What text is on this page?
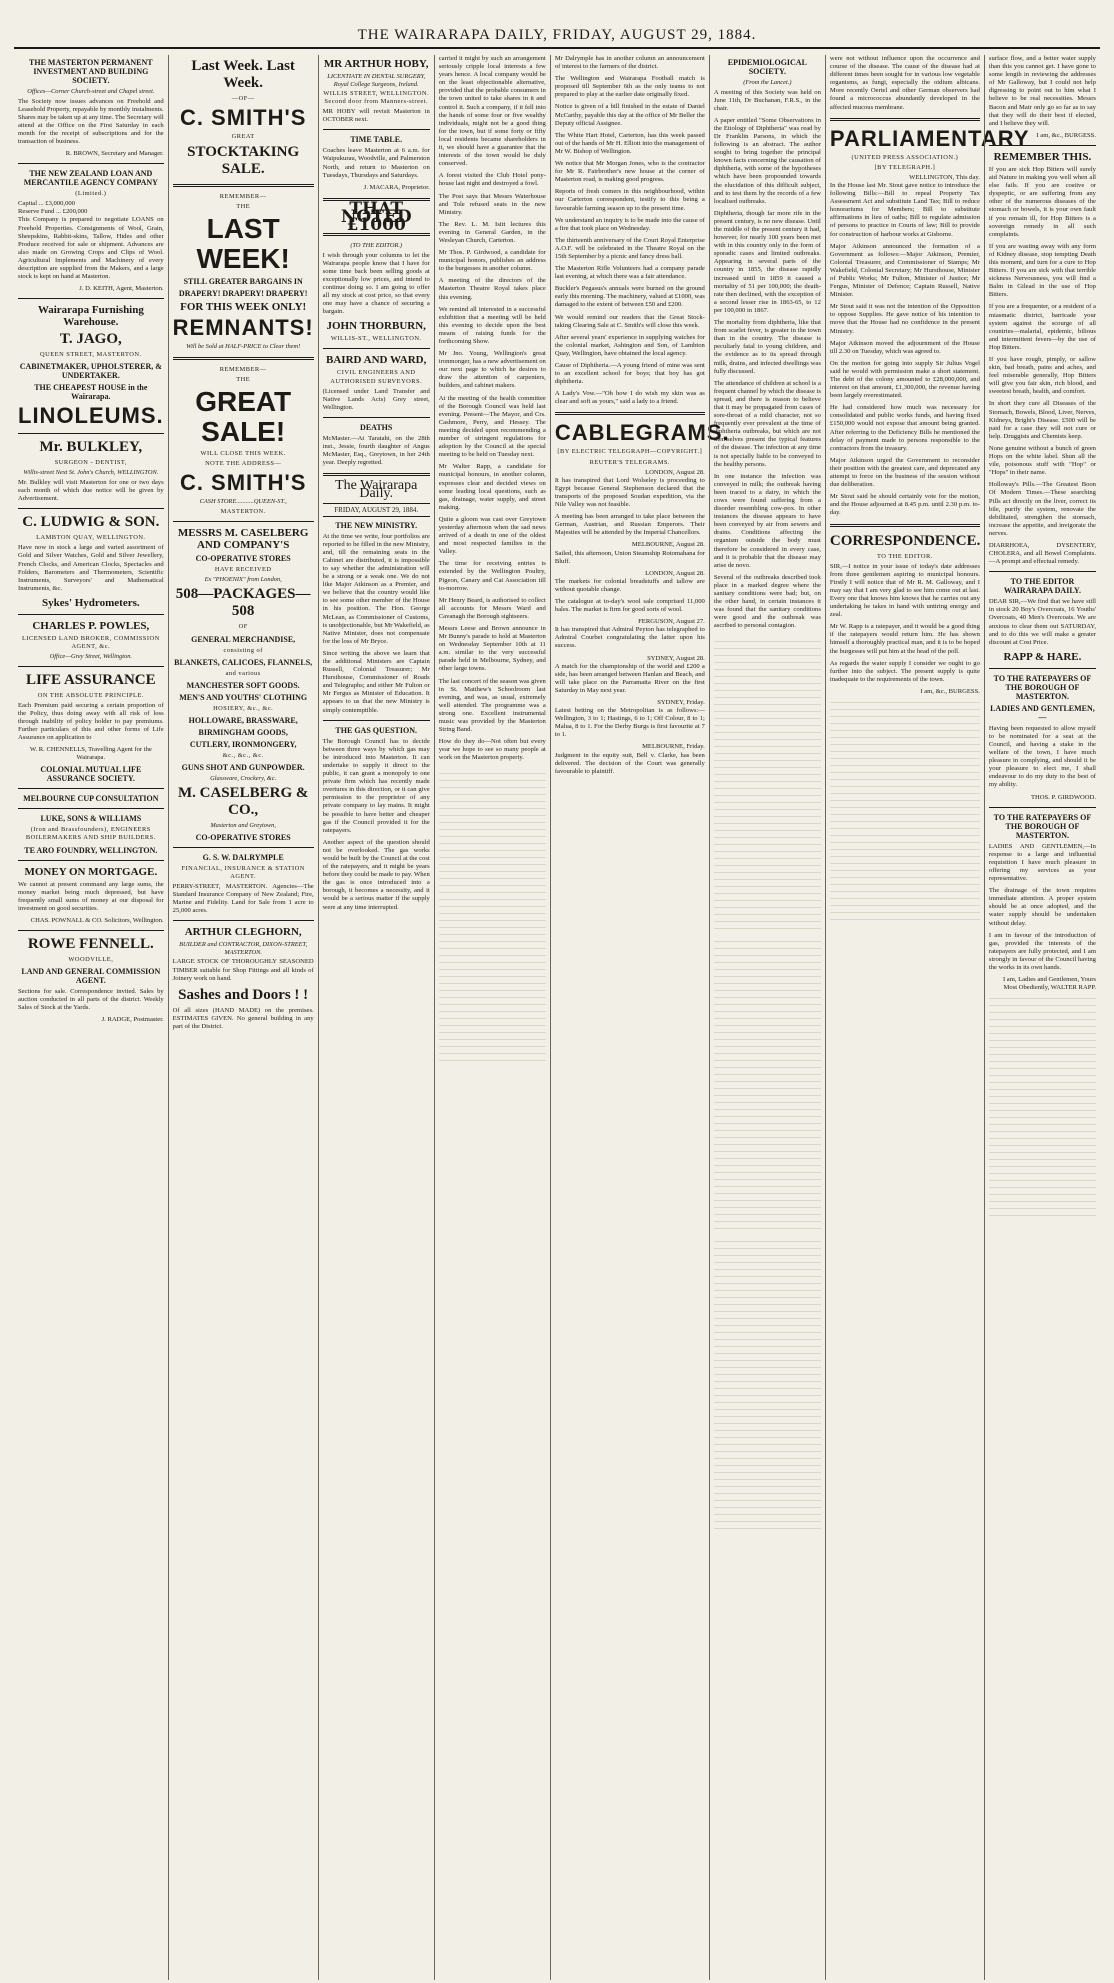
THE WAIRARAPA DAILY, FRIDAY, AUGUST 29, 1884.
THE MASTERTON PERMANENT INVESTMENT AND BUILDING SOCIETY.
Offices—Corner Church-street and Chapel street.

The Society now issues advances on Freehold and Leasehold Property, repayable by monthly instalments. Shares may be taken up at any time. The Secretary will attend at the Office on the First Saturday in each month for the receipt of subscriptions and for the transaction of business.

R. BROWN, Secretary and Manager.
THE NEW ZEALAND LOAN AND MERCANTILE AGENCY COMPANY
(Limited.)
Capital ... £3,000,000
Reserve Fund ... £200,000

This Company is prepared to negotiate LOANS on Freehold Properties. Consignments of Wool, Grain, Sheepskins, Rabbit-skins, Tallow, Hides and other Produce received for sale or shipment. Advances are also made on Growing Crops and Clips of Wool. Agricultural Implements and Machinery of every description are supplied from the Makers, and a large stock is kept on hand at Masterton.

J. D. KEITH, Agent, Masterton.
Wairarapa Furnishing Warehouse.
T. JAGO,
QUEEN STREET, MASTERTON.
CABINETMAKER, UPHOLSTERER, & UNDERTAKER.
THE CHEAPEST HOUSE in the Wairarapa.
LINOLEUMS.
Mr. BULKLEY,
SURGEON - DENTIST,
Willis-street Next St. John's Church, WELLINGTON.

Mr. Bulkley will visit Masterton for one or two days each month of which due notice will be given by Advertisement.

C. LUDWIG & SON.
LAMBTON QUAY, WELLINGTON.

Have now in stock a large and varied assortment of Gold and Silver Watches, Gold and Silver Jewellery, French Clocks, and American Clocks, Spectacles and Folders, Barometers and Thermometers, Scientific Instruments, Surveyors' and Mathematical Instruments, &c.

Sykes' Hydrometers.
CHARLES P. POWLES,
LICENSED LAND BROKER, COMMISSION AGENT, &c.
Office—Grey Street, Wellington.
LIFE ASSURANCE
ON THE ABSOLUTE PRINCIPLE.

Each Premium paid securing a certain proportion of the Policy, thus doing away with all risk of loss through inability of policy holder to pay premiums. Further particulars of this and other forms of Life Assurance on application to

W. R. CHENNELLS, Travelling Agent for the Wairarapa.
COLONIAL MUTUAL LIFE ASSURANCE SOCIETY.
MELBOURNE CUP CONSULTATION
LUKE, SONS & WILLIAMS
(Iron and Brassfounders), ENGINEERS BOILERMAKERS AND SHIP BUILDERS.
TE ARO FOUNDRY, WELLINGTON.
MONEY ON MORTGAGE.

We cannot at present command any large sums, the money market being much depressed, but have frequently small sums of money at our disposal for investment on good securities.

CHAS. POWNALL & CO. Solicitors, Wellington.
ROWE FENNELL.
WOODVILLE,
LAND AND GENERAL COMMISSION AGENT.

Sections for sale. Correspondence invited. Sales by auction conducted in all parts of the district. Weekly Sales of Stock at the Yards.

J. RADGE, Postmaster.
Last Week. Last Week.
—OF—
C. SMITH'S
GREAT
STOCKTAKING SALE.
REMEMBER—
THE
LAST WEEK!
STILL GREATER BARGAINS IN
DRAPERY! DRAPERY! DRAPERY!
FOR THIS WEEK ONLY!
REMNANTS!
Will be Sold at HALF-PRICE to Clear them!
REMEMBER—
THE
GREAT SALE!
WILL CLOSE THIS WEEK.
NOTE THE ADDRESS—
C. SMITH'S
CASH STORE...........QUEEN-ST.,
MASTERTON.
MESSRS M. CASELBERG AND COMPANY'S
CO-OPERATIVE STORES
HAVE RECEIVED
Ex "PHOENIX" from London,
508—PACKAGES—508
OF
GENERAL MERCHANDISE,
consisting of
BLANKETS, CALICOES, FLANNELS,
and various
MANCHESTER SOFT GOODS.
MEN'S AND YOUTHS' CLOTHING
HOSIERY, &c., &c.
HOLLOWARE, BRASSWARE,
BIRMINGHAM GOODS,
CUTLERY, IRONMONGERY,
&c., &c., &c.
GUNS SHOT AND GUNPOWDER.
Glassware, Crockery, &c.
M. CASELBERG & CO.,
Masterton and Greytown,
CO-OPERATIVE STORES
G. S. W. DALRYMPLE
FINANCIAL, INSURANCE & STATION AGENT.

PERRY-STREET, MASTERTON. Agencies—The Standard Insurance Company of New Zealand; Fire, Marine and Fidelity. Land for Sale from 1 acre to 25,000 acres.

ARTHUR CLEGHORN,
BUILDER and CONTRACTOR, DIXON-STREET, MASTERTON.

LARGE STOCK OF THOROUGHLY SEASONED TIMBER suitable for Shop Fittings and all kinds of Joinery work on hand.

Sashes and Doors ! !

Of all sizes (HAND MADE) on the premises. ESTIMATES GIVEN. No general building in any part of the District.

MR ARTHUR HOBY,
LICENTIATE IN DENTAL SURGERY, Royal College Surgeons, Ireland.
WILLIS STREET, WELLINGTON. Second door from Manners-street.

MR HOBY will revisit Masterton in OCTOBER next.

TIME TABLE.

Coaches leave Masterton at 6 a.m. for Waipukurau, Woodville, and Palmerston North, and return to Masterton on Tuesdays, Thursdays and Saturdays.

J. MACARA, Proprietor.
THAT NOTED £1000
(TO THE EDITOR.)

I wish through your columns to let the Wairarapa people know that I have for some time back been selling goods at exceptionally low prices, and intend to continue doing so. I am going to offer all my stock at cost price, so that every one may have a chance of securing a bargain.

JOHN THORBURN,
WILLIS-ST., WELLINGTON.
BAIRD AND WARD,
CIVIL ENGINEERS AND AUTHORISED SURVEYORS.

(Licensed under Land Transfer and Native Lands Acts) Grey street, Wellington.

DEATHS

McMaster.—At Taratahi, on the 28th inst., Jessie, fourth daughter of Angus McMaster, Esq., Greytown, in her 24th year. Deeply regretted.

The Wairarapa Daily.
FRIDAY, AUGUST 29, 1884.
THE NEW MINISTRY.

At the time we write, four portfolios are reported to be filled in the new Ministry, and, till the remaining seats in the Cabinet are distributed, it is impossible to say whether the administration will be a strong or a weak one. We do not like Major Atkinson as a Premier, and we believe that the country would like to see some other member of the House in his position. The Hon. George McLean, as Commissioner of Customs, is unobjectionable, but Mr Wakefield, as Native Minister, does not compensate for the loss of Mr Bryce.

Since writing the above we learn that the additional Ministers are Captain Russell, Colonial Treasurer; Mr Hursthouse, Commissioner of Roads and Telegraphs; and either Mr Fulton or Mr Fergus as Minister of Education. It appears to us that the new Ministry is simply contemptible.

THE GAS QUESTION.

The Borough Council has to decide between three ways by which gas may be introduced into Masterton. It can undertake to supply it direct to the public, it can grant a monopoly to one private firm which has recently made overtures in this direction, or it can give permission to the proprietor of any private company to lay mains. It might be possible to have better and cheaper gas if the Council provided it for the ratepayers.

Another aspect of the question should not be overlooked. The gas works would be built by the Council at the cost of the ratepayers, and it might be years before they could be made to pay. When the gas is once introduced into a borough, it becomes a necessity, and it would be a serious matter if the supply were at any time interrupted.

carried it might by such an arrangement seriously cripple local interests a few years hence. A local company would be on the least objectionable alternative, provided that the probable consumers in the town united to take shares in it and control it. Such a company, if it fell into the hands of some four or five wealthy individuals, might not be a good thing for the town, but if some forty or fifty local residents became shareholders in it, we should have a guarantee that the interests of the town would be duly conserved.

A forest visited the Club Hotel pony-house last night and destroyed a fowl.

The Post says that Messrs Waterhouse and Tole refused seats in the new Ministry.

The Rev. L. M. Isitt lectures this evening in General Garden, in the Wesleyan Church, Carterton.

Mr Thos. P. Girdwood, a candidate for municipal honors, publishes an address to the burgesses in another column.

A meeting of the directors of the Masterton Theatre Royal takes place this evening.

We remind all interested in a successful exhibition that a meeting will be held this evening to decide upon the best means of raising funds for the forthcoming Show.

Mr Jno. Young, Wellington's great ironmonger, has a new advertisement on our next page to which he desires to draw the attention of carpenters, builders, and cabinet makers.

At the meeting of the health committee of the Borough Council was held last evening. Present—The Mayor, and Crs. Cashmore, Perry, and Hessey. The meeting decided upon recommending a number of stringent regulations for adoption by the Council at the special meeting to be held on Tuesday next.

Mr Walter Rapp, a candidate for municipal honours, in another column, expresses clear and decided views on some leading local questions, such as gas, drainage, water supply, and street making.

Quite a gloom was cast over Greytown yesterday afternoon when the sad news arrived of a death in one of the oldest and most respected families in the Valley.

The time for receiving entries is extended by the Wellington Poultry, Pigeon, Canary and Cat Association till to-morrow.

Mr Henry Beard, is authorised to collect all accounts for Messrs Ward and Cavanagh the Borough sightseers.

Messrs Leese and Brown announce in Mr Bunny's parade to hold at Masterton on Wednesday September 10th at 11 a.m. similar to the very successful parade held in Melbourne, Sydney, and other large towns.

The last concert of the season was given in St. Matthew's Schoolroom last evening, and was, as usual, extremely well attended. The programme was a strong one. Excellent instrumental music was provided by the Masterton String Band.

How do they do—Not often but every year we hope to see so many people at work on the Masterton property.

Mr Dalrymple has in another column an announcement of interest to the farmers of the district.

The Wellington and Wairarapa Football match is proposed till September 6th as the only teams to not prepared to play at the earlier date originally fixed.

Notice is given of a bill finished in the estate of Daniel McCarthy, payable this day at the office of Mr Beller the Deputy official Assignee.

The White Hart Hotel, Carterton, has this week passed out of the hands of Mr H. Elliott into the management of Mr W. Bishop of Wellington.

We notice that Mr Morgan Jones, who is the contractor for Mr R. Fairbrother's new house at the corner of Masterton road, is making good progress.

Reports of fresh comers in this neighbourhood, within our Carterton correspondent, testify to this being a favourable farming season up to the present time.

We understand an inquiry is to be made into the cause of a fire that took place on Wednesday.

The thirteenth anniversary of the Court Royal Enterprise A.O.F. will be celebrated in the Theatre Royal on the 15th September by a picnic and fancy dress ball.

The Masterton Rifle Volunteers had a company parade last evening, at which there was a fair attendance.

Buckler's Pegasus's annuals were burned on the ground early this morning. The machinery, valued at £1000, was damaged to the extent of between £50 and £200.

We would remind our readers that the Great Stock-taking Clearing Sale at C. Smith's will close this week.

After several years' experience in supplying watches for the colonial market, Ashington and Son, of Lambton Quay, Wellington, have obtained the local agency.

Cause of Diphtheria.—A young friend of mine was sent to an excellent school for boys; that boy has got diphtheria.

A Lady's Vow.—"Oh how I do wish my skin was as clear and soft as yours," said a lady to a friend.

CABLEGRAMS.
[BY ELECTRIC TELEGRAPH—COPYRIGHT.]
REUTER'S TELEGRAMS.
LONDON, August 28.

It has transpired that Lord Wolseley is proceeding to Egypt because General Stephenson declared that the transports of the proposed Soudan expedition, via the Nile Valley was not feasible.

A meeting has been arranged to take place between the German, Austrian, and Russian Emperors. Their Majesties will be attended by the Imperial Chancellors.

MELBOURNE, August 28.

Sailed, this afternoon, Union Steamship Rotomahana for Bluff.

LONDON, August 28.

The markets for colonial breadstuffs and tallow are without quotable change.

The catalogue at to-day's wool sale comprised 11,000 bales. The market is firm for good sorts of wool.

FERGUSON, August 27.

It has transpired that Admiral Peyton has telegraphed to Admiral Courbet congratulating the latter upon his success.

SYDNEY, August 28.

A match for the championship of the world and £200 a side, has been arranged between Hanlan and Beach, and will take place on the Parramatta River on the first Saturday in May next year.

SYDNEY, Friday.

Latest betting on the Metropolitan is as follows:—Wellington, 3 to 1; Hastings, 6 to 1; Off Colour, 8 to 1; Malua, 8 to 1. For the Derby Burgs is first favourite at 7 to 1.

MELBOURNE, Friday.

Judgment in the equity suit, Bell v. Clarke, has been delivered. The decision of the Court was generally favourable to plaintiff.

EPIDEMIOLOGICAL SOCIETY.
(From the Lancet.)

A meeting of this Society was held on June 11th, Dr Buchanan, F.R.S., in the chair.

A paper entitled "Some Observations in the Etiology of Diphtheria" was read by Dr Franklin Parsons, in which the following is an abstract. The author sought to bring together the principal known facts concerning the causation of diphtheria, with some of the hypotheses which have been propounded towards the elucidation of this difficult subject, and to test them by the records of a few localised outbreaks.

Diphtheria, though far more rife in the present century, is no new disease. Until the middle of the present century it had, however, for nearly 100 years been met with in this country only in the form of sporadic cases and limited outbreaks. Appearing in several parts of the country in 1855, the disease rapidly increased until in 1859 it caused a mortality of 51 per 100,000; the death-rate then declined, with the exception of a second lesser rise in 1863-65, to 12 per 100,000 in 1867.

The mortality from diphtheria, like that from scarlet fever, is greater in the town than in the country. The disease is peculiarly fatal to young children, and the evidence as to its spread through milk, drains, and infected dwellings was fully discussed.

The attendance of children at school is a frequent channel by which the disease is spread, and there is reason to believe that it may be propagated from cases of sore-throat of a mild character, not so frequently ever prevalent at the time of diphtheria outbreaks, but which are not themselves present the typical features of the disease. The infection at any time is not specially liable to be conveyed to the healthy persons.

In one instance the infection was conveyed in milk; the outbreak having been traced to a dairy, in which the cows were found suffering from a disorder resembling cow-pox. In other instances the disease appears to have been conveyed by air from sewers and drains. Conditions affecting the organism outside the body must therefore be considered in every case, and it is probable that the disease may arise de novo.

Several of the outbreaks described took place in a marked degree where the sanitary conditions were bad; but, on the other hand, in certain instances it was found that the sanitary conditions were good and the outbreak was ascribed to personal contagion.

were not without influence upon the occurrence and course of the disease. The cause of the disease had at different times been sought for in various low vegetable organisms, as fungi, especially the oidium albicans. More recently Oertel and other German observers had found a micrococcus abundantly developed in the affected mucous membrane.

PARLIAMENTARY
(UNITED PRESS ASSOCIATION.)
[BY TELEGRAPH.]
WELLINGTON, This day.

In the House last Mr. Stout gave notice to introduce the following Bills:—Bill to repeal Property Tax Assessment Act and substitute Land Tax; Bill to reduce honorariums for Members; Bill to substitute affirmations in lieu of oaths; Bill to regulate admission of persons to practice in Courts of law; Bill to provide for construction of harbour works at Gisborne.

Major Atkinson announced the formation of a Government as follows:—Major Atkinson, Premier, Colonial Treasurer, and Commissioner of Stamps; Mr Wakefield, Colonial Secretary; Mr Hursthouse, Minister of Public Works; Mr Fulton, Minister of Justice; Mr Fergus, Minister of Defence; Captain Russell, Native Minister.

Mr Stout said it was not the intention of the Opposition to oppose Supplies. He gave notice of his intention to move that the House had no confidence in the present Ministry.

Major Atkinson moved the adjournment of the House till 2.30 on Tuesday, which was agreed to.

On the motion for going into supply Sir Julius Vogel said he would with permission make a short statement. The debt of the colony amounted to £28,000,000, and interest on that amount, £1,300,000, the revenue having been largely overestimated.

He had considered how much was necessary for consolidated and public works funds, and having fixed £150,000 would not expose that amount being granted. After referring to the Deficiency Bills he mentioned the delay of payment made to persons responsible to the contractors from the treasury.

Major Atkinson urged the Government to reconsider their position with the greatest care, and deprecated any attempt to force on the business of the session without due deliberation.

Mr Stout said he should certainly vote for the motion, and the House adjourned at 8.45 p.m. until 2.30 p.m. to-day.

CORRESPONDENCE.
TO THE EDITOR.

SIR,—I notice in your issue of today's date addresses from three gentlemen aspiring to municipal honours. Firstly I will notice that of Mr R. M. Galloway, and I may say that I am very glad to see him come out at last. Every one that knows him knows that he carries out any undertaking he takes in hand with untiring energy and zeal.

Mr W. Rapp is a ratepayer, and it would be a good thing if the ratepayers would return him. He has shown himself a thoroughly practical man, and it is to be hoped the burgesses will put him at the head of the poll.

As regards the water supply I consider we ought to go further into the subject. The present supply is quite inadequate to the requirements of the town.

I am, &c., BURGESS.

surface flow, and a better water supply than this you cannot get. I have gone to some length in reviewing the addresses of Mr Galloway, but I could not help digressing to point out to him what I believe to be real necessities. Messrs Bacon and Mair only go so far as to say that they will do their best if elected, and I believe they will.

I am, &c., BURGESS.
REMEMBER THIS.

If you are sick Hop Bitters will surely aid Nature in making you well when all else fails. If you are costive or dyspeptic, or are suffering from any other of the numerous diseases of the stomach or bowels, it is your own fault if you remain ill, for Hop Bitters is a sovereign remedy in all such complaints.

If you are wasting away with any form of Kidney disease, stop tempting Death this moment, and turn for a cure to Hop Bitters. If you are sick with that terrible sickness Nervousness, you will find a Balm in Gilead in the use of Hop Bitters.

If you are a frequenter, or a resident of a miasmatic district, barricade your system against the scourge of all countries—malarial, epidemic, bilious and intermittent fevers—by the use of Hop Bitters.

If you have rough, pimply, or sallow skin, bad breath, pains and aches, and feel miserable generally, Hop Bitters will give you fair skin, rich blood, and sweetest breath, health, and comfort.

In short they cure all Diseases of the Stomach, Bowels, Blood, Liver, Nerves, Kidneys, Bright's Disease. £500 will be paid for a case they will not cure or help. Druggists and Chemists keep.

None genuine without a bunch of green Hops on the white label. Shun all the vile, poisonous stuff with "Hop" or "Hops" in their name.

Holloway's Pills.—The Greatest Boon Of Modern Times.—These searching Pills act directly on the liver, correct its bile, purify the system, renovate the debilitated, strengthen the stomach, increase the appetite, and invigorate the nerves.

DIARRHOEA, DYSENTERY, CHOLERA, and all Bowel Complaints.—A prompt and effectual remedy.

TO THE EDITOR WAIRARAPA DAILY.

DEAR SIR,—We find that we have still in stock 20 Boy's Overcoats, 16 Youths' Overcoats, 40 Men's Overcoats. We are anxious to clear them out SATURDAY, and to do this we will make a greater discount at Cost Price.

RAPP & HARE.
TO THE RATEPAYERS OF THE BOROUGH OF MASTERTON.
LADIES AND GENTLEMEN,—

Having been requested to allow myself to be nominated for a seat at the Council, and having a stake in the welfare of the town, I have much pleasure in complying, and should it be your pleasure to elect me, I shall endeavour to do my duty to the best of my ability.

THOS. P. GIRDWOOD.
TO THE RATEPAYERS OF THE BOROUGH OF MASTERTON.

LADIES AND GENTLEMEN,—In response to a large and influential requisition I have much pleasure in offering my services as your representative.

The drainage of the town requires immediate attention. A proper system should be at once adopted, and the water supply should be undertaken without delay.

I am in favour of the introduction of gas, provided the interests of the ratepayers are fully protected, and I am strongly in favour of the Council having the works in its own hands.

I am, Ladies and Gentlemen, Yours Most Obediently, WALTER RAPP.
